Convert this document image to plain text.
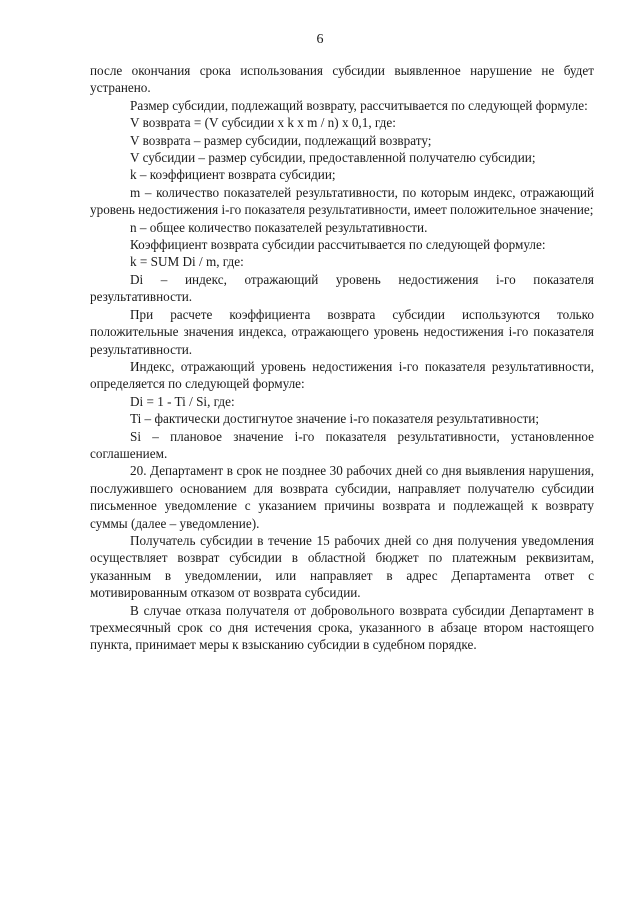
6

после окончания срока использования субсидии выявленное нарушение не будет устранено.

Размер субсидии, подлежащий возврату, рассчитывается по следующей формуле:

V возврата = (V субсидии x k x m / n) x 0,1, где:

V возврата – размер субсидии, подлежащий возврату;

V субсидии – размер субсидии, предоставленной получателю субсидии;

k – коэффициент возврата субсидии;

m – количество показателей результативности, по которым индекс, отражающий уровень недостижения i-го показателя результативности, имеет положительное значение;

n – общее количество показателей результативности.

Коэффициент возврата субсидии рассчитывается по следующей формуле:

k = SUM Di / m, где:

Di – индекс, отражающий уровень недостижения i-го показателя результативности.

При расчете коэффициента возврата субсидии используются только положительные значения индекса, отражающего уровень недостижения i-го показателя результативности.

Индекс, отражающий уровень недостижения i-го показателя результативности, определяется по следующей формуле:

Di = 1 - Ti / Si, где:

Ti – фактически достигнутое значение i-го показателя результативности;

Si – плановое значение i-го показателя результативности, установленное соглашением.

20. Департамент в срок не позднее 30 рабочих дней со дня выявления нарушения, послужившего основанием для возврата субсидии, направляет получателю субсидии письменное уведомление с указанием причины возврата и подлежащей к возврату суммы (далее – уведомление).

Получатель субсидии в течение 15 рабочих дней со дня получения уведомления осуществляет возврат субсидии в областной бюджет по платежным реквизитам, указанным в уведомлении, или направляет в адрес Департамента ответ с мотивированным отказом от возврата субсидии.

В случае отказа получателя от добровольного возврата субсидии Департамент в трехмесячный срок со дня истечения срока, указанного в абзаце втором настоящего пункта, принимает меры к взысканию субсидии в судебном порядке.
